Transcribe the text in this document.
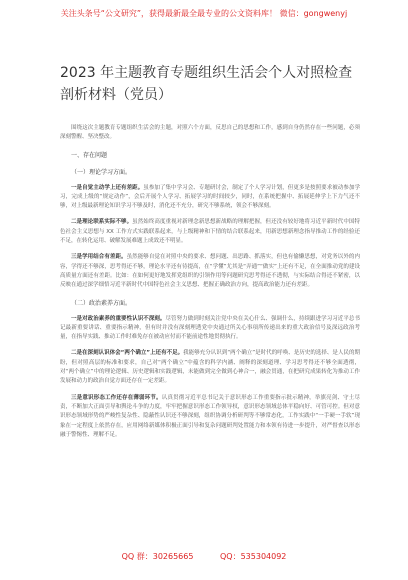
关注头条号“公文研究”，获得最新最全最专业的公文资料库！ 微信：gongwenyj
2023 年主题教育专题组织生活会个人对照检查剖析材料（党员）

围绕这次主题教育专题组织生活会的主题，对照六个方面，反思自己的思想和工作，感到自身仍然存在一些问题，必须深刻警醒、坚决整改。

一、存在问题
（一）理论学习方面。

一是自觉主动学上还有差距。虽参加了集中学习会、专题研讨会，制定了个人学习计划，但更多是按照要求被动参加学习，完成上级的“规定动作”，会后开展个人学习、拓展学习的时间较少，同时，在系统把握中、拓展延伸学上下力气还不够，对上级最新理论知识学习不够及时，消化还不充分，研究不够系统，领会不够深刻。

二是理论联系实际不够。虽然始终高度重视对新理念新思想新战略的理解把握，但还没有较好地将习近平新时代中国特色社会主义思想与 XX 工作方式实践联系起来，与上级精神和下情的结合联系起来，用新思想新理念指导推动工作的经验还不足，在转化运用、破解发展难题上成效还不明显。

三是学用结合有差距。虽然能够自觉在对照中央的要求、想问题、出思路、抓落实，但也有偷懒思想，对党务以外的内容，学得还不够深，思考得还不够，理论水平还有待提高，在“学懂”尤其是“弄通”“做实”上还有不足，在全面推动党的建设高质量方面还有差距。比如：在如何更好地发挥党组织的引领作用等问题研究思考得还不透彻，与实际结合得还不紧密，以反映在通过深学细悟习近平新时代中国特色社会主义思想、把握正确政治方向，提高政治能力还有差距。

（二）政治素养方面。

一是对政治素养的重要性认识不深刻。尽管努力做到时刻关注党中央在关心什么、强调什么，持续跟进学习习近平总书记最新重要讲话、重要指示精神，但有时并没有深刻理透党中央通过所关心事项所传递出来的重大政治信号及深远政治考量，在指导实践、推动工作时难免存在被动应付而不能前途性地贯彻执行。

二是在深刻认识体会“两个确立”上还有不足。我能够充分认识到“两个确立”是时代的呼唤、是历史的选择、是人民的期盼，但对照高层的标准和要求，自己对“两个确立”中蕴含的科学内涵、阐释的深刻道理、学习思考得还不够全面透彻，对“两个确立”中的理论逻辑、历史逻辑和实践逻辑，未能做到完全做到心神合一，融会贯通，在把研究成果转化为推动工作发展和动力的政治自觉方面还存在一定差距。

三是意识形态工作还存在薄弱环节。认真贯彻习近平总书记关于意识形态工作重要指示批示精神，举旗亮剑、守土尽责，不断加大正面引导和舆论斗争的力度，牢牢把握意识形态工作领导权，意识形态领域总体平稳向好、可管可控。但对意识形态领域形势的严峻性复杂性、隐蔽性认识还不够深刻，组织协调分析研判等不够常态化，工作实践中“一手硬一手软”现象在一定程度上依然存在，应用网络新媒体积极正面引导和复杂问题研判处置能力和本领有待进一步提升，对严督查以形态融于警惕性、理解不足。

QQ 群：30265665	QQ：535304092
